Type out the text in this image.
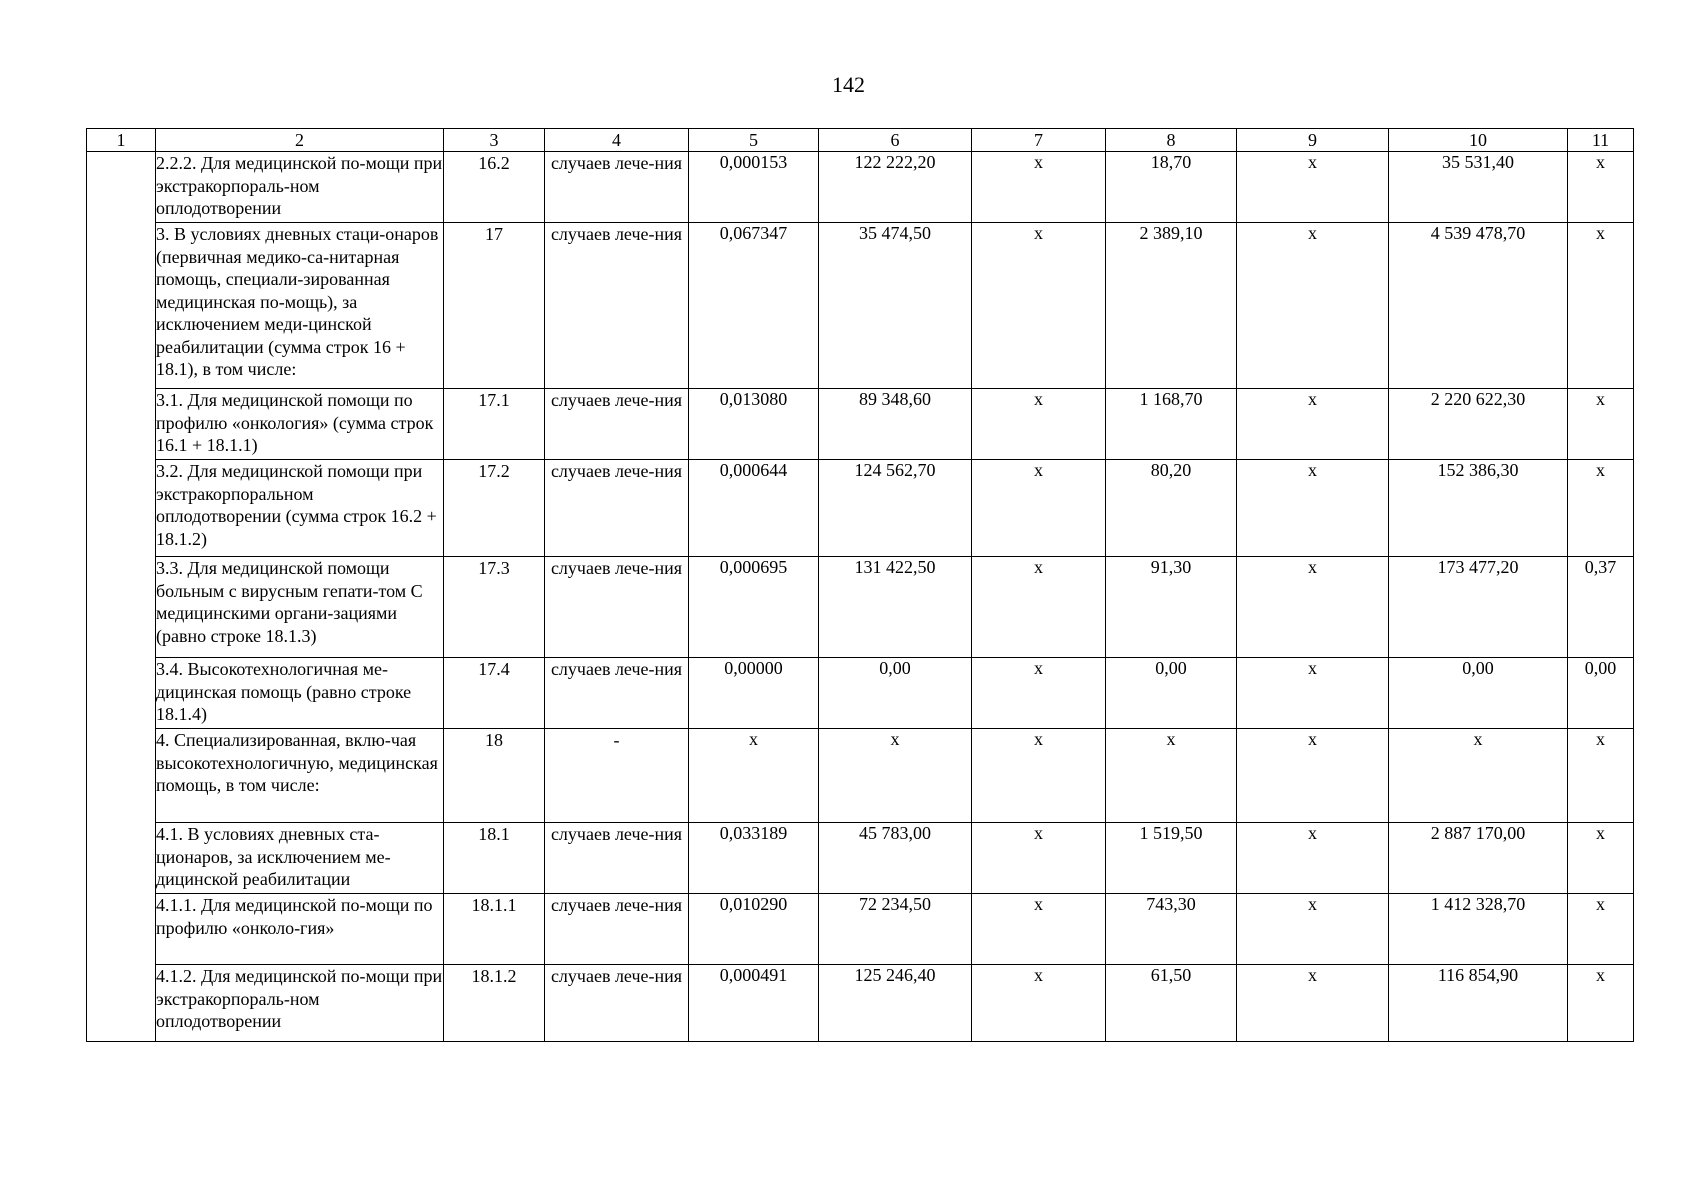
142
1	2	3	4	5	6	7	8	9	10	11
	2.2.2. Для медицинской по-мощи при экстракорпораль-ном оплодотворении	16.2	случаев лече-ния	0,000153	122 222,20	х	18,70	х	35 531,40	х
	3. В условиях дневных стаци-онаров (первичная медико-са-нитарная помощь, специали-зированная медицинская по-мощь), за исключением меди-цинской реабилитации (сумма строк 16 + 18.1), в том числе:	17	случаев лече-ния	0,067347	35 474,50	х	2 389,10	х	4 539 478,70	х
	3.1. Для медицинской помощи по профилю «онкология» (сумма строк 16.1 + 18.1.1)	17.1	случаев лече-ния	0,013080	89 348,60	х	1 168,70	х	2 220 622,30	х
	3.2. Для медицинской помощи при экстракорпоральном оплодотворении (сумма строк 16.2 + 18.1.2)	17.2	случаев лече-ния	0,000644	124 562,70	х	80,20	х	152 386,30	х
	3.3. Для медицинской помощи больным с вирусным гепати-том С медицинскими органи-зациями (равно строке 18.1.3)	17.3	случаев лече-ния	0,000695	131 422,50	х	91,30	х	173 477,20	0,37
	3.4. Высокотехнологичная ме-дицинская помощь (равно строке 18.1.4)	17.4	случаев лече-ния	0,00000	0,00	х	0,00	х	0,00	0,00
	4. Специализированная, вклю-чая высокотехнологичную, медицинская помощь, в том числе:	18	-	х	х	х	х	х	х	х
	4.1. В условиях дневных ста-ционаров, за исключением ме-дицинской реабилитации	18.1	случаев лече-ния	0,033189	45 783,00	х	1 519,50	х	2 887 170,00	х
	4.1.1. Для медицинской по-мощи по профилю «онколо-гия»	18.1.1	случаев лече-ния	0,010290	72 234,50	х	743,30	х	1 412 328,70	х
	4.1.2. Для медицинской по-мощи при экстракорпораль-ном оплодотворении	18.1.2	случаев лече-ния	0,000491	125 246,40	х	61,50	х	116 854,90	х
